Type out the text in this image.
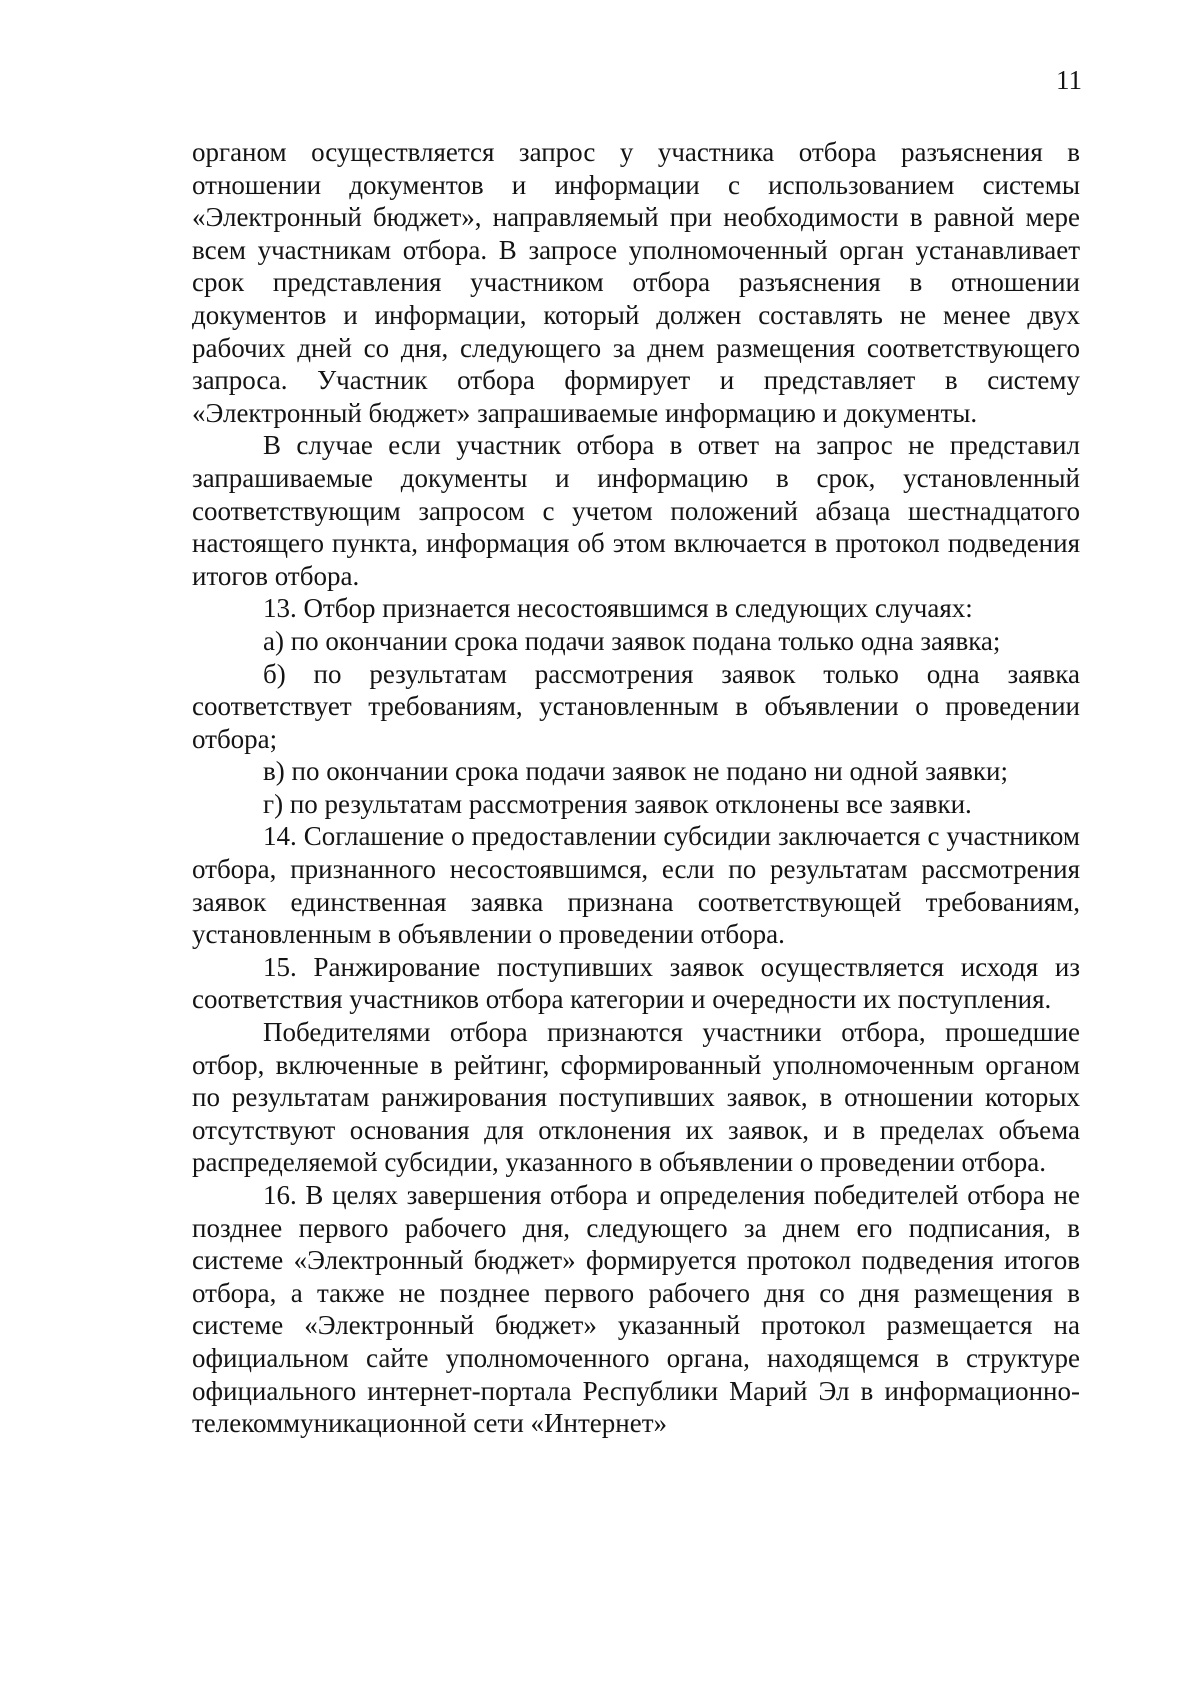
11

органом осуществляется запрос у участника отбора разъяснения в отношении документов и информации с использованием системы «Электронный бюджет», направляемый при необходимости в равной мере всем участникам отбора. В запросе уполномоченный орган устанавливает срок представления участником отбора разъяснения в отношении документов и информации, который должен составлять не менее двух рабочих дней со дня, следующего за днем размещения соответствующего запроса. Участник отбора формирует и представляет в систему «Электронный бюджет» запрашиваемые информацию и документы.

В случае если участник отбора в ответ на запрос не представил запрашиваемые документы и информацию в срок, установленный соответствующим запросом с учетом положений абзаца шестнадцатого настоящего пункта, информация об этом включается в протокол подведения итогов отбора.

13. Отбор признается несостоявшимся в следующих случаях:

а) по окончании срока подачи заявок подана только одна заявка;

б) по результатам рассмотрения заявок только одна заявка соответствует требованиям, установленным в объявлении о проведении отбора;

в) по окончании срока подачи заявок не подано ни одной заявки;

г) по результатам рассмотрения заявок отклонены все заявки.

14. Соглашение о предоставлении субсидии заключается с участником отбора, признанного несостоявшимся, если по результатам рассмотрения заявок единственная заявка признана соответствующей требованиям, установленным в объявлении о проведении отбора.

15. Ранжирование поступивших заявок осуществляется исходя из соответствия участников отбора категории и очередности их поступления.

Победителями отбора признаются участники отбора, прошедшие отбор, включенные в рейтинг, сформированный уполномоченным органом по результатам ранжирования поступивших заявок, в отношении которых отсутствуют основания для отклонения их заявок, и в пределах объема распределяемой субсидии, указанного в объявлении о проведении отбора.

16. В целях завершения отбора и определения победителей отбора не позднее первого рабочего дня, следующего за днем его подписания, в системе «Электронный бюджет» формируется протокол подведения итогов отбора, а также не позднее первого рабочего дня со дня размещения в системе «Электронный бюджет» указанный протокол размещается на официальном сайте уполномоченного органа, находящемся в структуре официального интернет-портала Республики Марий Эл в информационно-телекоммуникационной сети «Интернет»
